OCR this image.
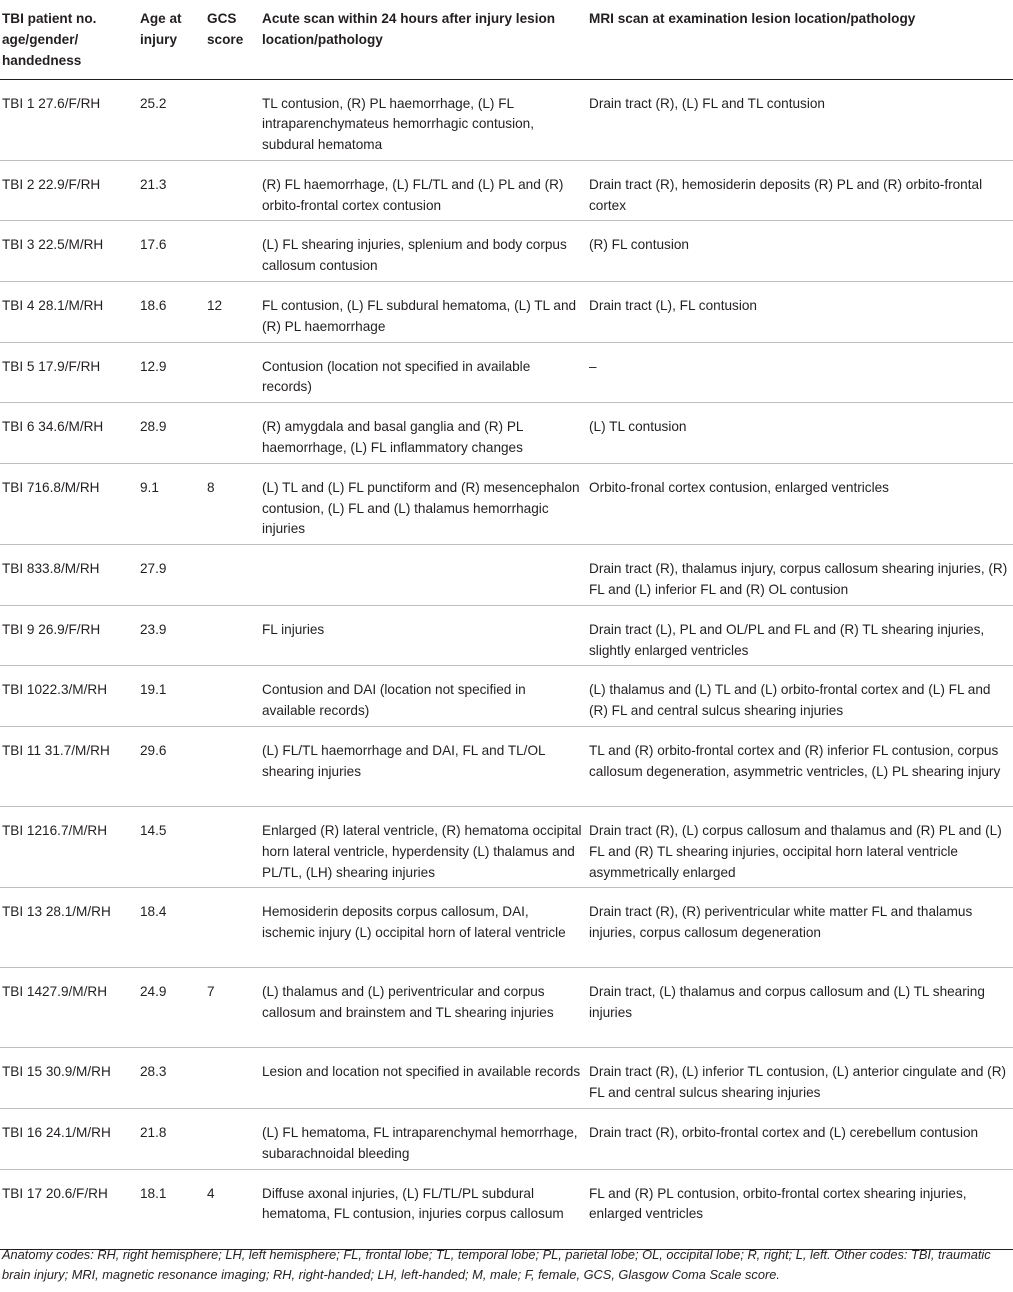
TBI patient no. age/gender/ handedness	Age at injury	GCS score	Acute scan within 24 hours after injury lesion location/pathology	MRI scan at examination lesion location/pathology
TBI 1 27.6/F/RH	25.2		TL contusion, (R) PL haemorrhage, (L) FL intraparenchymateus hemorrhagic contusion, subdural hematoma	Drain tract (R), (L) FL and TL contusion
TBI 2 22.9/F/RH	21.3		(R) FL haemorrhage, (L) FL/TL and (L) PL and (R) orbito-frontal cortex contusion	Drain tract (R), hemosiderin deposits (R) PL and (R) orbito-frontal cortex
TBI 3 22.5/M/RH	17.6		(L) FL shearing injuries, splenium and body corpus callosum contusion	(R) FL contusion
TBI 4 28.1/M/RH	18.6	12	FL contusion, (L) FL subdural hematoma, (L) TL and (R) PL haemorrhage	Drain tract (L), FL contusion
TBI 5 17.9/F/RH	12.9		Contusion (location not specified in available records)	–
TBI 6 34.6/M/RH	28.9		(R) amygdala and basal ganglia and (R) PL haemorrhage, (L) FL inflammatory changes	(L) TL contusion
TBI 716.8/M/RH	9.1	8	(L) TL and (L) FL punctiform and (R) mesencephalon contusion, (L) FL and (L) thalamus hemorrhagic injuries	Orbito-fronal cortex contusion, enlarged ventricles
TBI 833.8/M/RH	27.9			Drain tract (R), thalamus injury, corpus callosum shearing injuries, (R) FL and (L) inferior FL and (R) OL contusion
TBI 9 26.9/F/RH	23.9		FL injuries	Drain tract (L), PL and OL/PL and FL and (R) TL shearing injuries, slightly enlarged ventricles
TBI 1022.3/M/RH	19.1		Contusion and DAI (location not specified in available records)	(L) thalamus and (L) TL and (L) orbito-frontal cortex and (L) FL and (R) FL and central sulcus shearing injuries
TBI 11 31.7/M/RH	29.6		(L) FL/TL haemorrhage and DAI, FL and TL/OL shearing injuries	TL and (R) orbito-frontal cortex and (R) inferior FL contusion, corpus callosum degeneration, asymmetric ventricles, (L) PL shearing injury
TBI 1216.7/M/RH	14.5		Enlarged (R) lateral ventricle, (R) hematoma occipital horn lateral ventricle, hyperdensity (L) thalamus and PL/TL, (LH) shearing injuries	Drain tract (R), (L) corpus callosum and thalamus and (R) PL and (L) FL and (R) TL shearing injuries, occipital horn lateral ventricle asymmetrically enlarged
TBI 13 28.1/M/RH	18.4		Hemosiderin deposits corpus callosum, DAI, ischemic injury (L) occipital horn of lateral ventricle	Drain tract (R), (R) periventricular white matter FL and thalamus injuries, corpus callosum degeneration
TBI 1427.9/M/RH	24.9	7	(L) thalamus and (L) periventricular and corpus callosum and brainstem and TL shearing injuries	Drain tract, (L) thalamus and corpus callosum and (L) TL shearing injuries
TBI 15 30.9/M/RH	28.3		Lesion and location not specified in available records	Drain tract (R), (L) inferior TL contusion, (L) anterior cingulate and (R) FL and central sulcus shearing injuries
TBI 16 24.1/M/RH	21.8		(L) FL hematoma, FL intraparenchymal hemorrhage, subarachnoidal bleeding	Drain tract (R), orbito-frontal cortex and (L) cerebellum contusion
TBI 17 20.6/F/RH	18.1	4	Diffuse axonal injuries, (L) FL/TL/PL subdural hematoma, FL contusion, injuries corpus callosum	FL and (R) PL contusion, orbito-frontal cortex shearing injuries, enlarged ventricles
Anatomy codes: RH, right hemisphere; LH, left hemisphere; FL, frontal lobe; TL, temporal lobe; PL, parietal lobe; OL, occipital lobe; R, right; L, left. Other codes: TBI, traumatic brain injury; MRI, magnetic resonance imaging; RH, right-handed; LH, left-handed; M, male; F, female, GCS, Glasgow Coma Scale score.
